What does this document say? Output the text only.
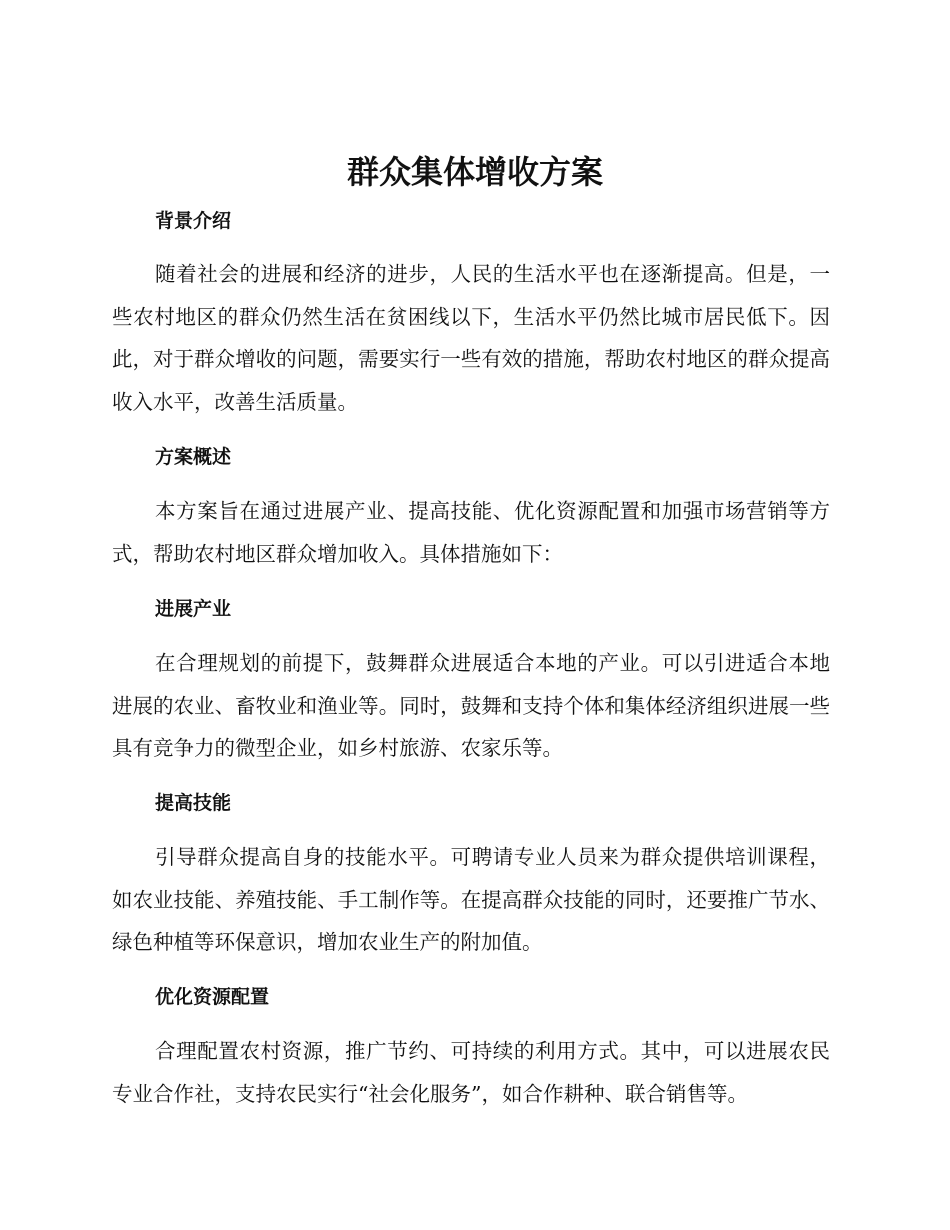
群众集体增收方案
背景介绍

随着社会的进展和经济的进步，人民的生活水平也在逐渐提高。但是，一些农村地区的群众仍然生活在贫困线以下，生活水平仍然比城市居民低下。因此，对于群众增收的问题，需要实行一些有效的措施，帮助农村地区的群众提高收入水平，改善生活质量。

方案概述

本方案旨在通过进展产业、提高技能、优化资源配置和加强市场营销等方式，帮助农村地区群众增加收入。具体措施如下：

进展产业

在合理规划的前提下，鼓舞群众进展适合本地的产业。可以引进适合本地进展的农业、畜牧业和渔业等。同时，鼓舞和支持个体和集体经济组织进展一些具有竞争力的微型企业，如乡村旅游、农家乐等。

提高技能

引导群众提高自身的技能水平。可聘请专业人员来为群众提供培训课程，如农业技能、养殖技能、手工制作等。在提高群众技能的同时，还要推广节水、绿色种植等环保意识，增加农业生产的附加值。

优化资源配置

合理配置农村资源，推广节约、可持续的利用方式。其中，可以进展农民专业合作社，支持农民实行“社会化服务”，如合作耕种、联合销售等。
